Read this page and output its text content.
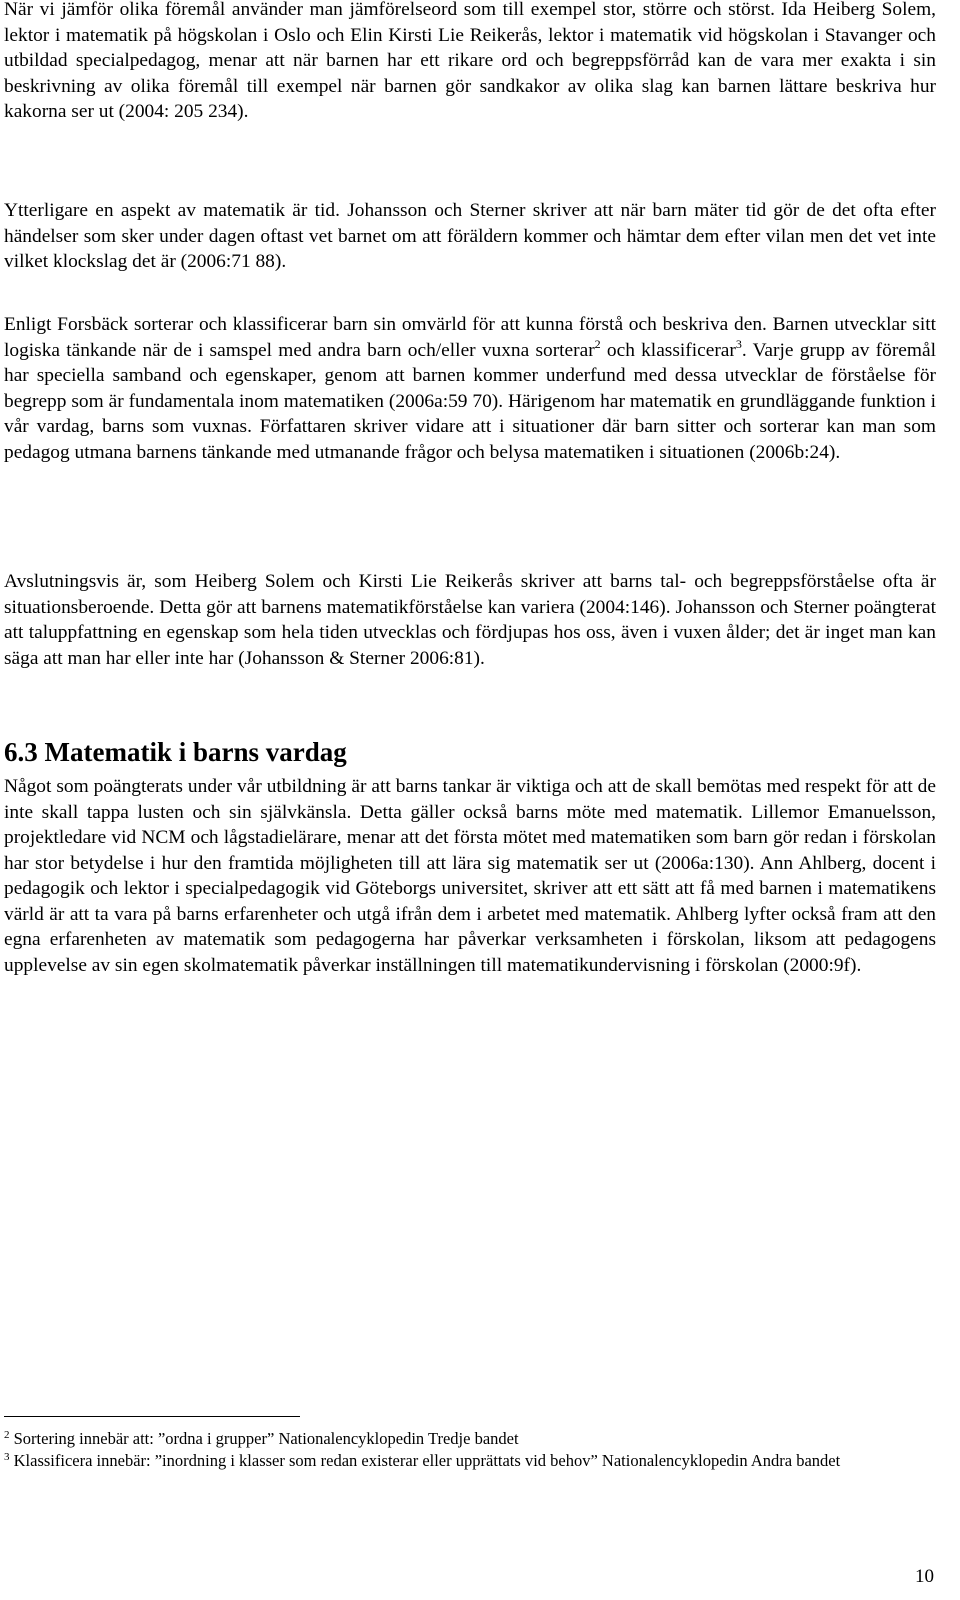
När vi jämför olika föremål använder man jämförelseord som till exempel stor, större och störst. Ida Heiberg Solem, lektor i matematik på högskolan i Oslo och Elin Kirsti Lie Reikerås, lektor i matematik vid högskolan i Stavanger och utbildad specialpedagog, menar att när barnen har ett rikare ord och begreppsförråd kan de vara mer exakta i sin beskrivning av olika föremål till exempel när barnen gör sandkakor av olika slag kan barnen lättare beskriva hur kakorna ser ut (2004: 205 234).

Ytterligare en aspekt av matematik är tid. Johansson och Sterner skriver att när barn mäter tid gör de det ofta efter händelser som sker under dagen oftast vet barnet om att föräldern kommer och hämtar dem efter vilan men det vet inte vilket klockslag det är (2006:71 88).

Enligt Forsbäck sorterar och klassificerar barn sin omvärld för att kunna förstå och beskriva den. Barnen utvecklar sitt logiska tänkande när de i samspel med andra barn och/eller vuxna sorterar$^2$ och klassificerar$^3$. Varje grupp av föremål har speciella samband och egenskaper, genom att barnen kommer underfund med dessa utvecklar de förståelse för begrepp som är fundamentala inom matematiken (2006a:59 70). Härigenom har matematik en grundläggande funktion i vår vardag, barns som vuxnas. Författaren skriver vidare att i situationer där barn sitter och sorterar kan man som pedagog utmana barnens tänkande med utmanande frågor och belysa matematiken i situationen (2006b:24).

Avslutningsvis är, som Heiberg Solem och Kirsti Lie Reikerås skriver att barns tal- och begreppsförståelse ofta är situationsberoende. Detta gör att barnens matematikförståelse kan variera (2004:146). Johansson och Sterner poängterat att taluppfattning en egenskap som hela tiden utvecklas och fördjupas hos oss, även i vuxen ålder; det är inget man kan säga att man har eller inte har (Johansson & Sterner 2006:81).

6.3 Matematik i barns vardag

Något som poängterats under vår utbildning är att barns tankar är viktiga och att de skall bemötas med respekt för att de inte skall tappa lusten och sin självkänsla. Detta gäller också barns möte med matematik. Lillemor Emanuelsson, projektledare vid NCM och lågstadielärare, menar att det första mötet med matematiken som barn gör redan i förskolan har stor betydelse i hur den framtida möjligheten till att lära sig matematik ser ut (2006a:130). Ann Ahlberg, docent i pedagogik och lektor i specialpedagogik vid Göteborgs universitet, skriver att ett sätt att få med barnen i matematikens värld är att ta vara på barns erfarenheter och utgå ifrån dem i arbetet med matematik. Ahlberg lyfter också fram att den egna erfarenheten av matematik som pedagogerna har påverkar verksamheten i förskolan, liksom att pedagogens upplevelse av sin egen skolmatematik påverkar inställningen till matematikundervisning i förskolan (2000:9f).

$^2$ Sortering innebär att: ”ordna i grupper” Nationalencyklopedin Tredje bandet

$^3$ Klassificera innebär: ”inordning i klasser som redan existerar eller upprättats vid behov” Nationalencyklopedin Andra bandet

10
